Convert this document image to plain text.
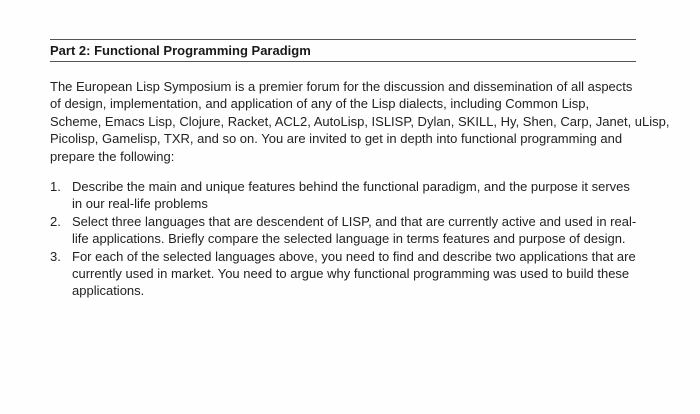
Part 2: Functional Programming Paradigm

The European Lisp Symposium is a premier forum for the discussion and dissemination of all aspects
of design, implementation, and application of any of the Lisp dialects, including Common Lisp,
Scheme, Emacs Lisp, Clojure, Racket, ACL2, AutoLisp, ISLISP, Dylan, SKILL, Hy, Shen, Carp, Janet, uLisp,
Picolisp, Gamelisp, TXR, and so on. You are invited to get in depth into functional programming and
prepare the following:

1. Describe the main and unique features behind the functional paradigm, and the purpose it serves
in our real-life problems
2. Select three languages that are descendent of LISP, and that are currently active and used in real-
life applications. Briefly compare the selected language in terms features and purpose of design.
3. For each of the selected languages above, you need to find and describe two applications that are
currently used in market. You need to argue why functional programming was used to build these
applications.
